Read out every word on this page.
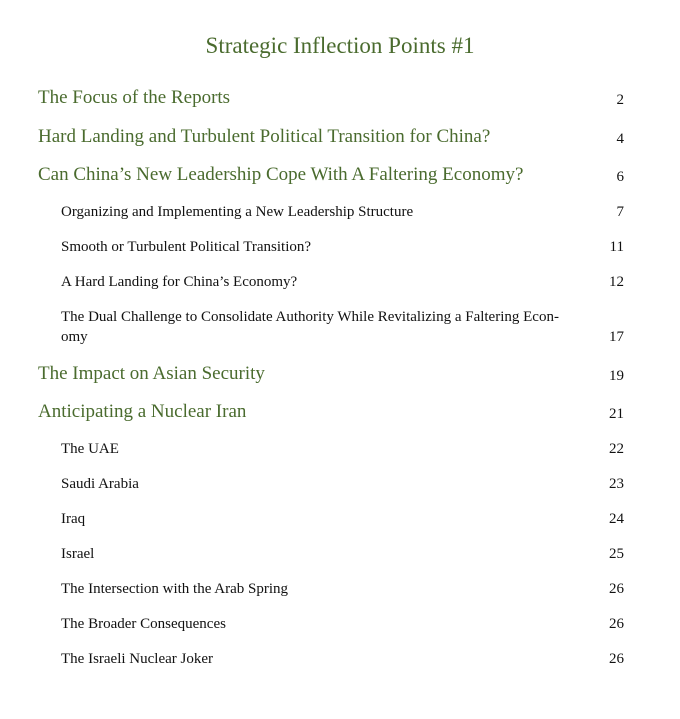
Strategic Inflection Points #1
The Focus of the Reports	2
Hard Landing and Turbulent Political Transition for China?	4
Can China’s New Leadership Cope With A Faltering Economy?	6
Organizing and Implementing a New Leadership Structure	7
Smooth or Turbulent Political Transition?	11
A Hard Landing for China’s Economy?	12
The Dual Challenge to Consolidate Authority While Revitalizing a Faltering Econ-
omy	17
The Impact on Asian Security	19
Anticipating a Nuclear Iran	21
The UAE	22
Saudi Arabia	23
Iraq	24
Israel	25
The Intersection with the Arab Spring	26
The Broader Consequences	26
The Israeli Nuclear Joker	26
